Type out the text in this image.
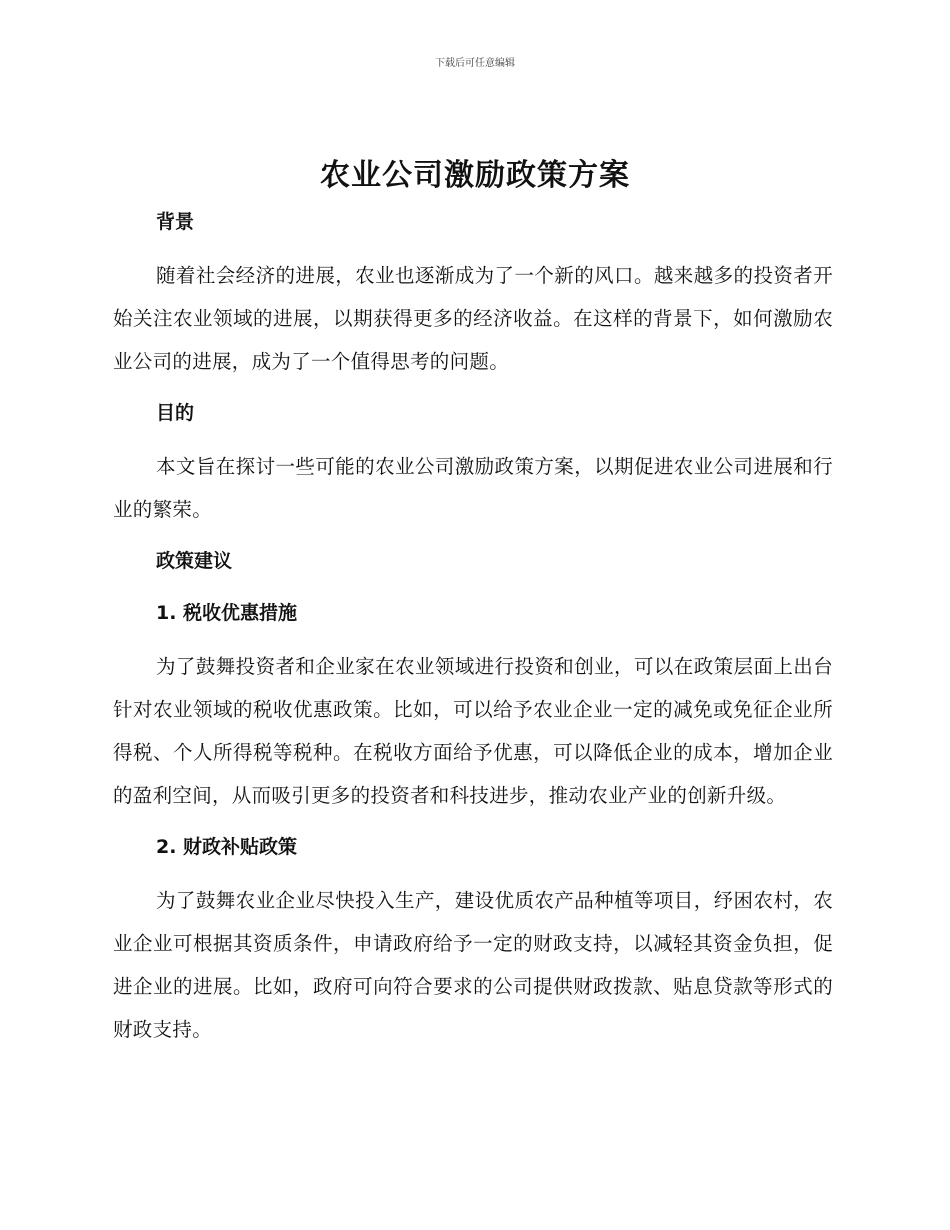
下载后可任意编辑
农业公司激励政策方案
背景

随着社会经济的进展，农业也逐渐成为了一个新的风口。越来越多的投资者开始关注农业领域的进展，以期获得更多的经济收益。在这样的背景下，如何激励农业公司的进展，成为了一个值得思考的问题。

目的

本文旨在探讨一些可能的农业公司激励政策方案，以期促进农业公司进展和行业的繁荣。

政策建议
1. 税收优惠措施

为了鼓舞投资者和企业家在农业领域进行投资和创业，可以在政策层面上出台针对农业领域的税收优惠政策。比如，可以给予农业企业一定的减免或免征企业所得税、个人所得税等税种。在税收方面给予优惠，可以降低企业的成本，增加企业的盈利空间，从而吸引更多的投资者和科技进步，推动农业产业的创新升级。

2. 财政补贴政策

为了鼓舞农业企业尽快投入生产，建设优质农产品种植等项目，纾困农村，农业企业可根据其资质条件，申请政府给予一定的财政支持，以减轻其资金负担，促进企业的进展。比如，政府可向符合要求的公司提供财政拨款、贴息贷款等形式的财政支持。
